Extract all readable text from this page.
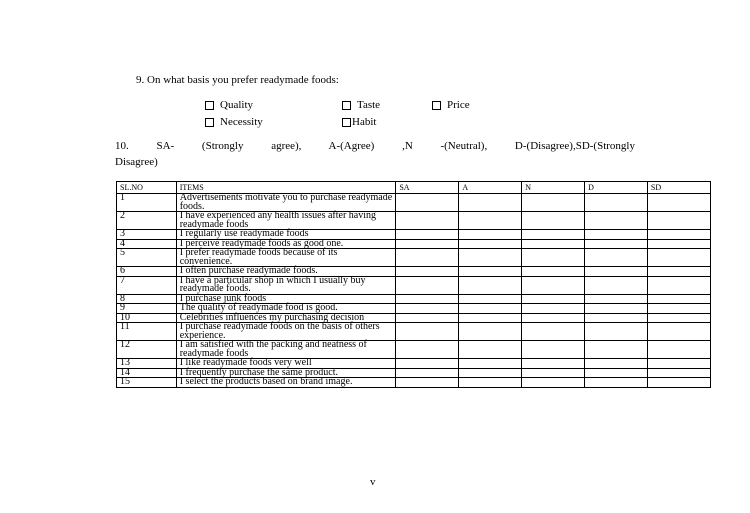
9. On what basis you prefer readymade foods:
Quality	Taste	Price
Necessity	Habit
10. SA- (Strongly agree), A-(Agree) ,N -(Neutral), D-(Disagree),SD-(Strongly
Disagree)
SL.NO	ITEMS	SA	A	N	D	SD
1	Advertisements motivate you to purchase readymade foods.					
2	I have experienced any health issues after having readymade foods					
3	I regularly use readymade foods					
4	I perceive readymade foods as good one.					
5	I prefer readymade foods because of its convenience.					
6	I often purchase readymade foods.					
7	I have a particular shop in which I usually buy readymade foods.					
8	I purchase junk foods					
9	The quality of readymade food is good.					
10	Celebrities influences my purchasing decision					
11	I purchase readymade foods on the basis of others experience.					
12	I am satisfied with the packing and neatness of readymade foods					
13	I like readymade foods very well					
14	I frequently purchase the same product.					
15	I select the products based on brand image.					
v
